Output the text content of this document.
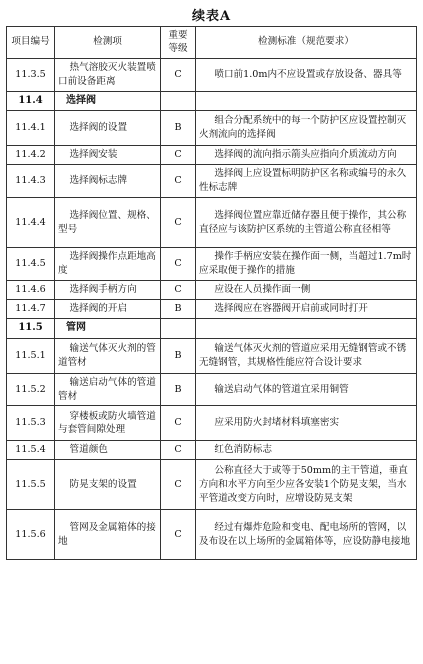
续表A
项目编号	检测项	重要等级	检测标准（规范要求）
11.3.5	热气溶胶灭火装置喷口前设备距离	C	喷口前1.0m内不应设置或存放设备、器具等
11.4	选择阀		
11.4.1	选择阀的设置	B	组合分配系统中的每一个防护区应设置控制灭火剂流向的选择阀
11.4.2	选择阀安装	C	选择阀的流向指示箭头应指向介质流动方向
11.4.3	选择阀标志牌	C	选择阀上应设置标明防护区名称或编号的永久性标志牌
11.4.4	选择阀位置、规格、型号	C	选择阀位置应靠近储存器且便于操作，其公称直径应与该防护区系统的主管道公称直径相等
11.4.5	选择阀操作点距地高度	C	操作手柄应安装在操作面一侧，当超过1.7m时应采取便于操作的措施
11.4.6	选择阀手柄方向	C	应设在人员操作面一侧
11.4.7	选择阀的开启	B	选择阀应在容器阀开启前或同时打开
11.5	管网		
11.5.1	输送气体灭火剂的管道管材	B	输送气体灭火剂的管道应采用无缝钢管或不锈无缝钢管，其规格性能应符合设计要求
11.5.2	输送启动气体的管道管材	B	输送启动气体的管道宜采用铜管
11.5.3	穿楼板或防火墙管道与套管间隙处理	C	应采用防火封堵材料填塞密实
11.5.4	管道颜色	C	红色消防标志
11.5.5	防晃支架的设置	C	公称直径大于或等于50mm的主干管道，垂直方向和水平方向至少应各安装1个防晃支架，当水平管道改变方向时，应增设防晃支架
11.5.6	管网及金属箱体的接地	C	经过有爆炸危险和变电、配电场所的管网，以及布设在以上场所的金属箱体等，应设防静电接地
